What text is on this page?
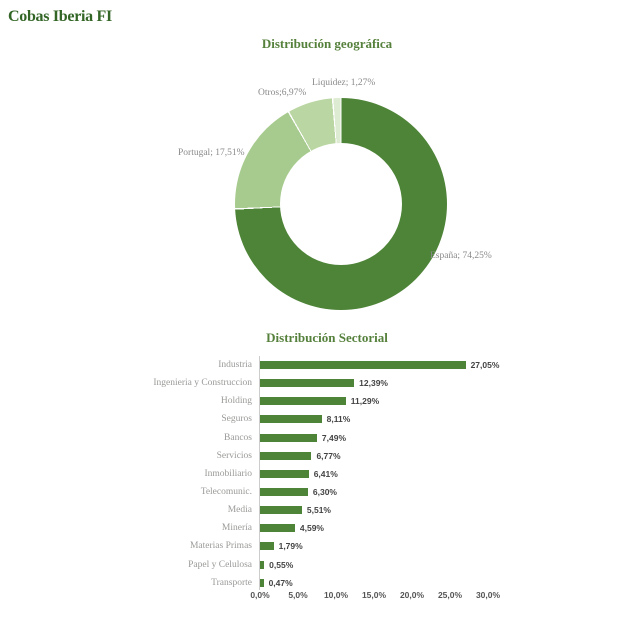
Cobas Iberia FI
Distribución geográfica
España; 74,25%
Portugal; 17,51%
Otros;6,97%
Liquidez; 1,27%
Distribución Sectorial
Industria	27,05%
Ingenieria y Construccion	12,39%
Holding	11,29%
Seguros	8,11%
Bancos	7,49%
Servicios	6,77%
Inmobiliario	6,41%
Telecomunic.	6,30%
Media	5,51%
Minería	4,59%
Materias Primas	1,79%
Papel y Celulosa	0,55%
Transporte	0,47%
0,0% 5,0% 10,0% 15,0% 20,0% 25,0% 30,0%
